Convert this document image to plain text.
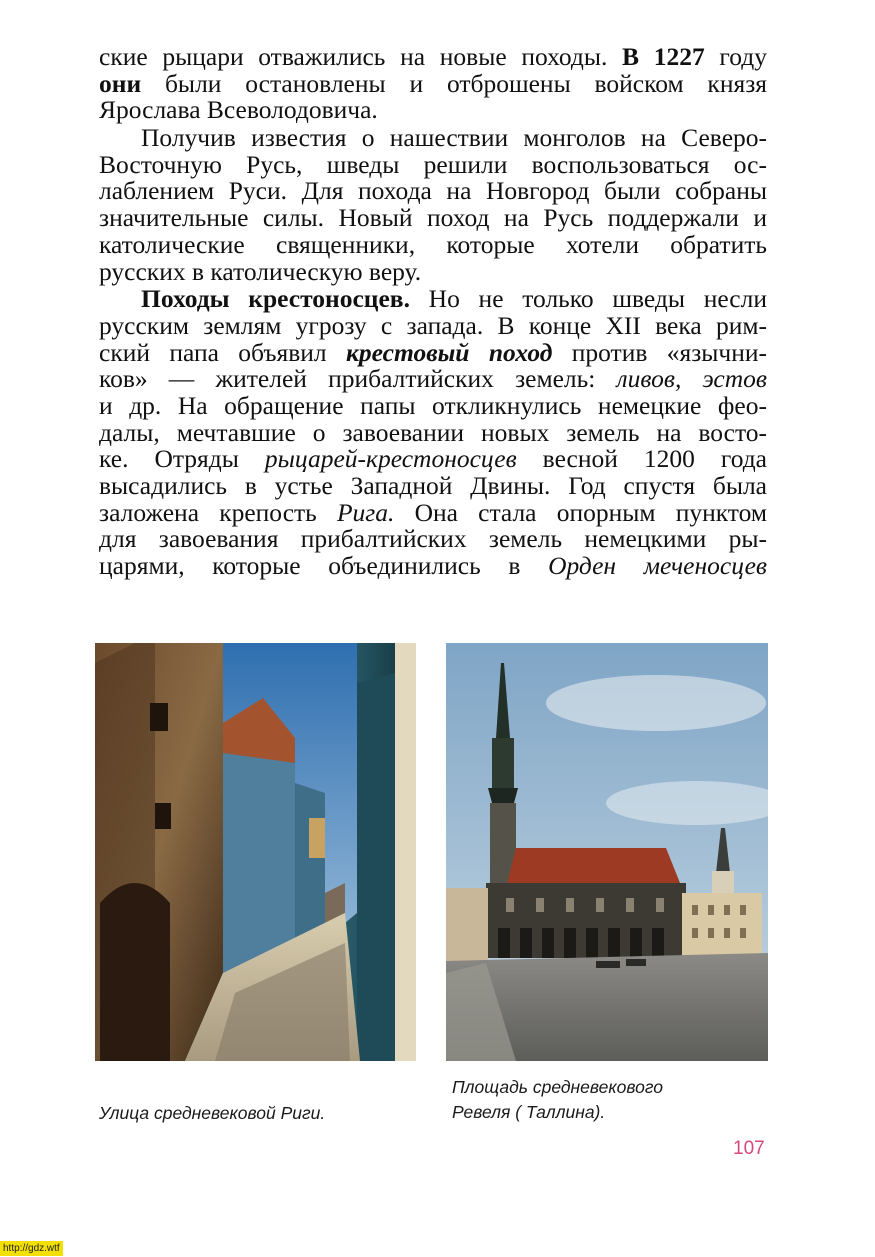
ские рыцари отважились на новые походы. В 1227 году
они были остановлены и отброшены войском князя
Ярослава Всеволодовича.
Получив известия о нашествии монголов на Северо-
Восточную Русь, шведы решили воспользоваться ос-
лаблением Руси. Для похода на Новгород были собраны
значительные силы. Новый поход на Русь поддержали и
католические священники, которые хотели обратить
русских в католическую веру.
Походы крестоносцев. Но не только шведы несли
русским землям угрозу с запада. В конце XII века рим-
ский папа объявил крестовый поход против «язычни-
ков» — жителей прибалтийских земель: ливов, эстов
и др. На обращение папы откликнулись немецкие фео-
далы, мечтавшие о завоевании новых земель на восто-
ке. Отряды рыцарей-крестоносцев весной 1200 года
высадились в устье Западной Двины. Год спустя была
заложена крепость Рига. Она стала опорным пунктом
для завоевания прибалтийских земель немецкими ры-
царями, которые объединились в Орден меченосцев
Улица средневековой Риги.
Площадь средневекового
Ревеля ( Таллина).
107
http://gdz.wtf
